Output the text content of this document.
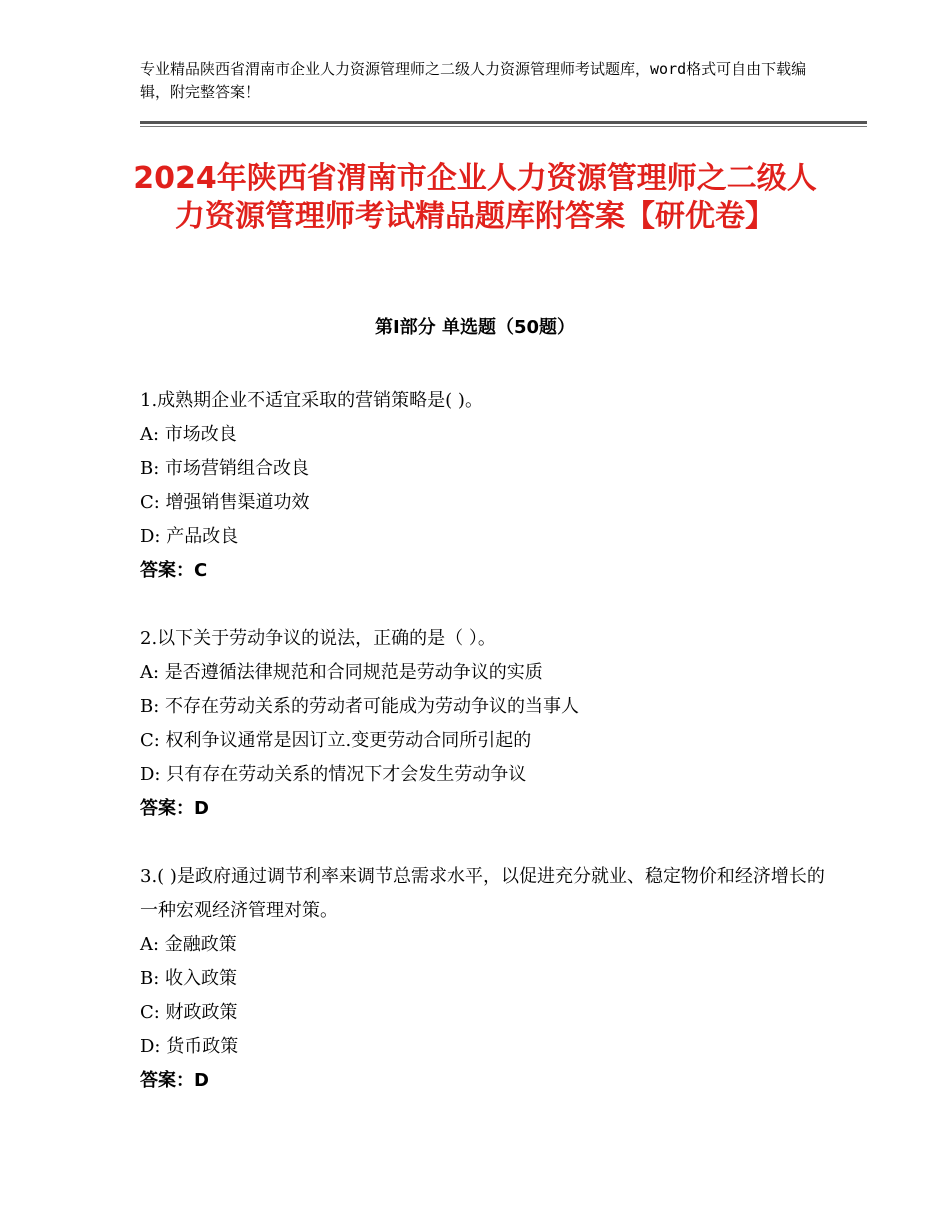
专业精品陕西省渭南市企业人力资源管理师之二级人力资源管理师考试题库，word格式可自由下载编辑，附完整答案！
2024年陕西省渭南市企业人力资源管理师之二级人力资源管理师考试精品题库附答案【研优卷】
第Ⅰ部分 单选题（50题）
1.成熟期企业不适宜采取的营销策略是( )。
A: 市场改良
B: 市场营销组合改良
C: 增强销售渠道功效
D: 产品改良
答案：C
2.以下关于劳动争议的说法，正确的是（ ）。
A: 是否遵循法律规范和合同规范是劳动争议的实质
B: 不存在劳动关系的劳动者可能成为劳动争议的当事人
C: 权利争议通常是因订立.变更劳动合同所引起的
D: 只有存在劳动关系的情况下才会发生劳动争议
答案：D
3.( )是政府通过调节利率来调节总需求水平，以促进充分就业、稳定物价和经济增长的一种宏观经济管理对策。
A: 金融政策
B: 收入政策
C: 财政政策
D: 货币政策
答案：D
